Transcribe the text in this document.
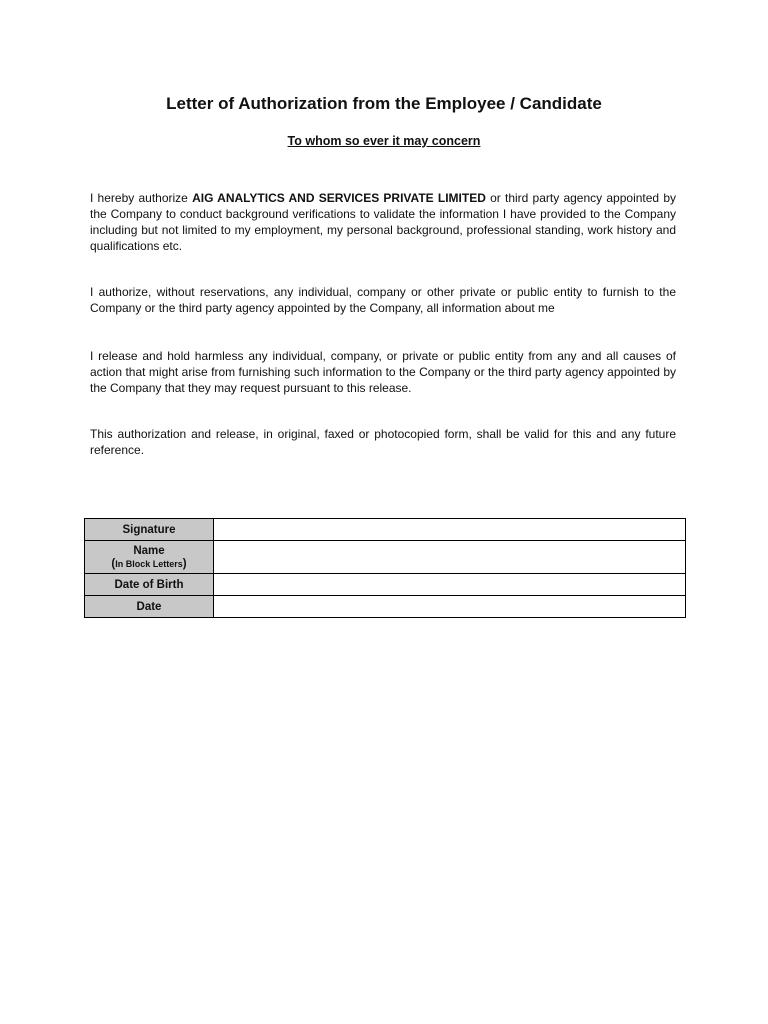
Letter of Authorization from the Employee / Candidate

To whom so ever it may concern

I hereby authorize AIG ANALYTICS AND SERVICES PRIVATE LIMITED or third party agency appointed by the Company to conduct background verifications to validate the information I have provided to the Company including but not limited to my employment, my personal background, professional standing, work history and qualifications etc.

I authorize, without reservations, any individual, company or other private or public entity to furnish to the Company or the third party agency appointed by the Company, all information about me

I release and hold harmless any individual, company, or private or public entity from any and all causes of action that might arise from furnishing such information to the Company or the third party agency appointed by the Company that they may request pursuant to this release.

This authorization and release, in original, faxed or photocopied form, shall be valid for this and any future reference.

Signature	

Name
(In Block Letters)	

Date of Birth	
Date	
